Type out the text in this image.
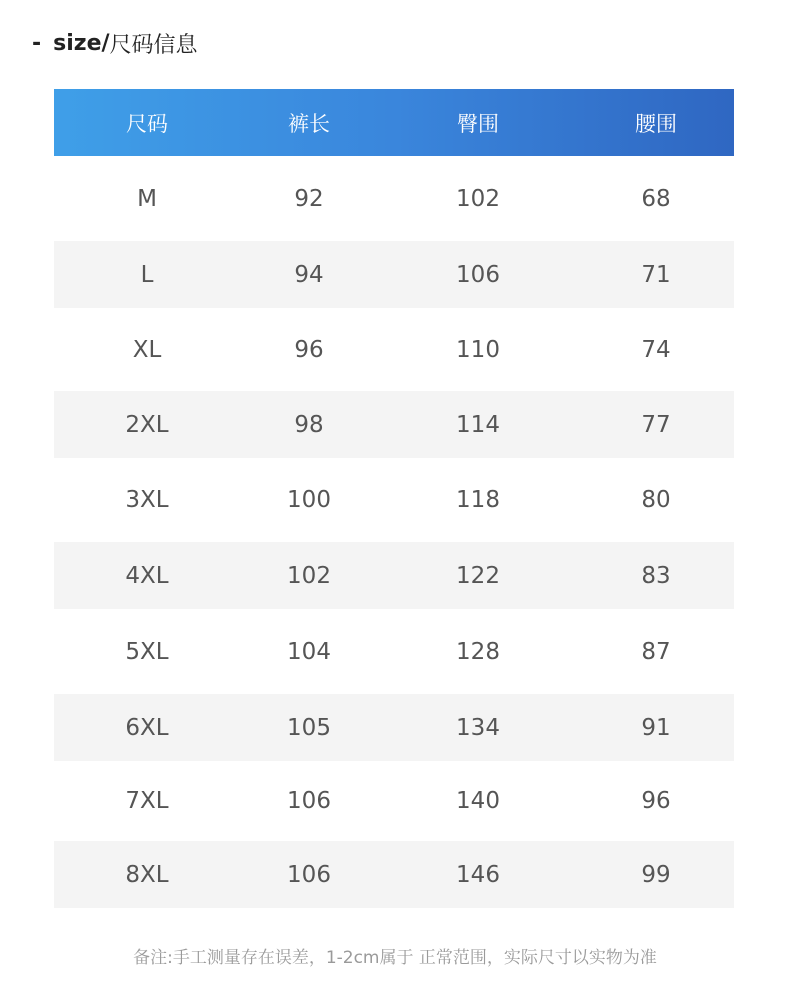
- size/ 尺码信息
尺码	裤长	臀围	腰围
M	92	102	68
L	94	106	71
XL	96	110	74
2XL	98	114	77
3XL	100	118	80
4XL	102	122	83
5XL	104	128	87
6XL	105	134	91
7XL	106	140	96
8XL	106	146	99
备注:手工测量存在误差，1-2cm属于 正常范围，实际尺寸以实物为准
